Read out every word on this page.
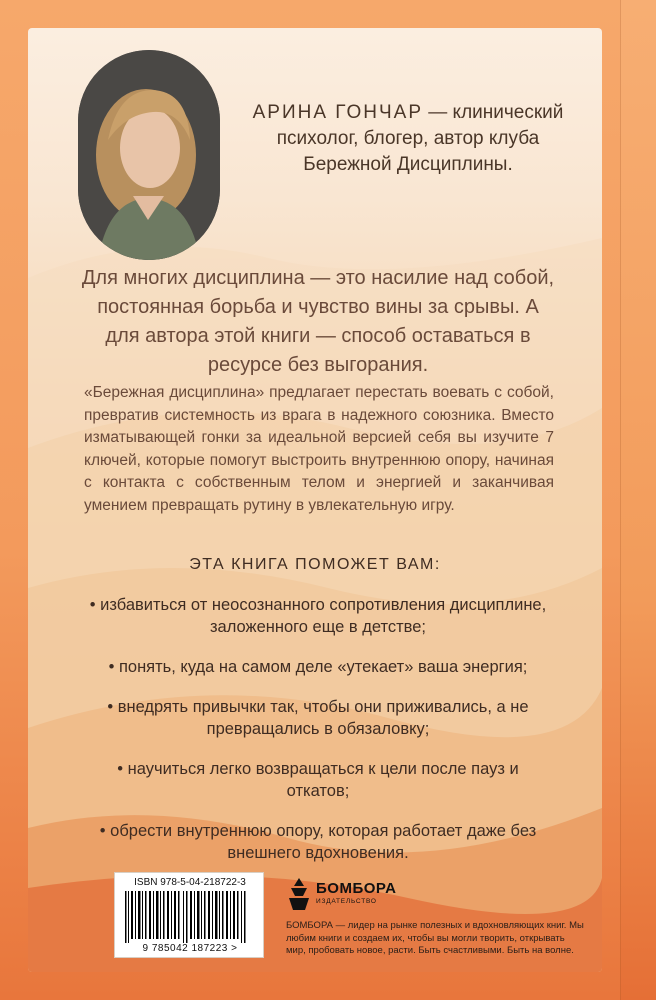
АРИНА ГОНЧАР — клинический
психолог, блогер, автор клуба
Бережной Дисциплины.

Для многих дисциплина — это насилие над собой, постоянная борьба и чувство вины за срывы. А для автора этой книги — способ оставаться в ресурсе без выгорания.

«Бережная дисциплина» предлагает перестать воевать с собой, превратив системность из врага в надежного союзника. Вместо изматывающей гонки за идеальной версией себя вы изучите 7 ключей, которые помогут выстроить внутреннюю опору, начиная с контакта с собственным телом и энергией и заканчивая умением превращать рутину в увлекательную игру.

ЭТА КНИГА ПОМОЖЕТ ВАМ:
• избавиться от неосознанного сопротивления дисциплине, заложенного еще в детстве;
• понять, куда на самом деле «утекает» ваша энергия;
• внедрять привычки так, чтобы они приживались, а не превращались в обязаловку;
• научиться легко возвращаться к цели после пауз и откатов;
• обрести внутреннюю опору, которая работает даже без внешнего вдохновения.
ISBN 978-5-04-218722-3
9 785042 187223 >
БОМБОРА
ИЗДАТЕЛЬСТВО

БОМБОРА — лидер на рынке полезных и вдохновляющих книг. Мы любим книги и создаем их, чтобы вы могли творить, открывать мир, пробовать новое, расти. Быть счастливыми. Быть на волне.
